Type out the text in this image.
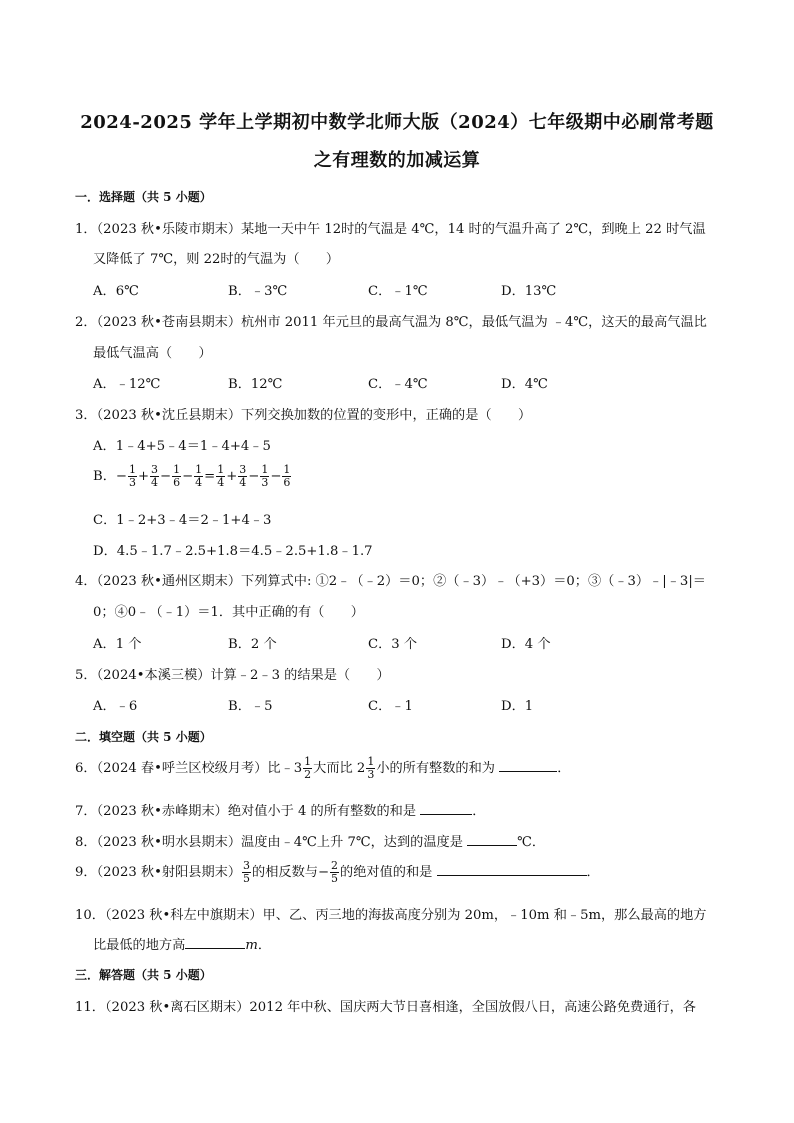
2024-2025 学年上学期初中数学北师大版（2024）七年级期中必刷常考题
之有理数的加减运算
一．选择题（共 5 小题）
1．（2023 秋•乐陵市期末）某地一天中午 12时的气温是 4℃，14 时的气温升高了 2℃，到晚上 22 时气温
又降低了 7℃，则 22时的气温为（　　）
A．6℃	B．﹣3℃	C．﹣1℃	D．13℃
2．（2023 秋•苍南县期末）杭州市 2011 年元旦的最高气温为 8℃，最低气温为 ﹣4℃，这天的最高气温比
最低气温高（　　）
A．﹣12℃	B．12℃	C．﹣4℃	D．4℃
3．（2023 秋•沈丘县期末）下列交换加数的位置的变形中，正确的是（　　）
A．1﹣4+5﹣4＝1﹣4+4﹣5
B．− $\frac{1}{3} + \frac{3}{4} - \frac{1}{6} - \frac{1}{4} = \frac{1}{4} + \frac{3}{4} - \frac{1}{3} - \frac{1}{6}$
C．1﹣2+3﹣4＝2﹣1+4﹣3
D．4.5﹣1.7﹣2.5+1.8＝4.5﹣2.5+1.8﹣1.7
4．（2023 秋•通州区期末）下列算式中: ①2﹣（﹣2）＝0；②（﹣3）﹣（+3）＝0；③（﹣3）﹣|﹣3|＝
0；④0﹣（﹣1）＝1．其中正确的有（　　）
A．1 个	B．2 个	C．3 个	D．4 个
5．（2024•本溪三模）计算﹣2﹣3 的结果是（　　）
A．﹣6	B．﹣5	C．﹣1	D．1
二．填空题（共 5 小题）
6．（2024 春•呼兰区校级月考）比﹣3 $\frac{1}{2}$ 大而比 $2 \frac{1}{3}$ 小的所有整数的和为	．
7．（2023 秋•赤峰期末）绝对值小于 4 的所有整数的和是	．
8．（2023 秋•明水县期末）温度由﹣4℃上升 7℃，达到的温度是	℃．
9．（2023 秋•射阳县期末） $\frac{3}{5}$ 的相反数与− $\frac{2}{5}$ 的绝对值的和是	．
10．（2023 秋•科左中旗期末）甲、乙、丙三地的海拔高度分别为 20m，﹣10m 和﹣5m，那么最高的地方
比最低的地方高	m．
三．解答题（共 5 小题）
11．（2023 秋•离石区期末）2012 年中秋、国庆两大节日喜相逢，全国放假八日，高速公路免费通行，各
